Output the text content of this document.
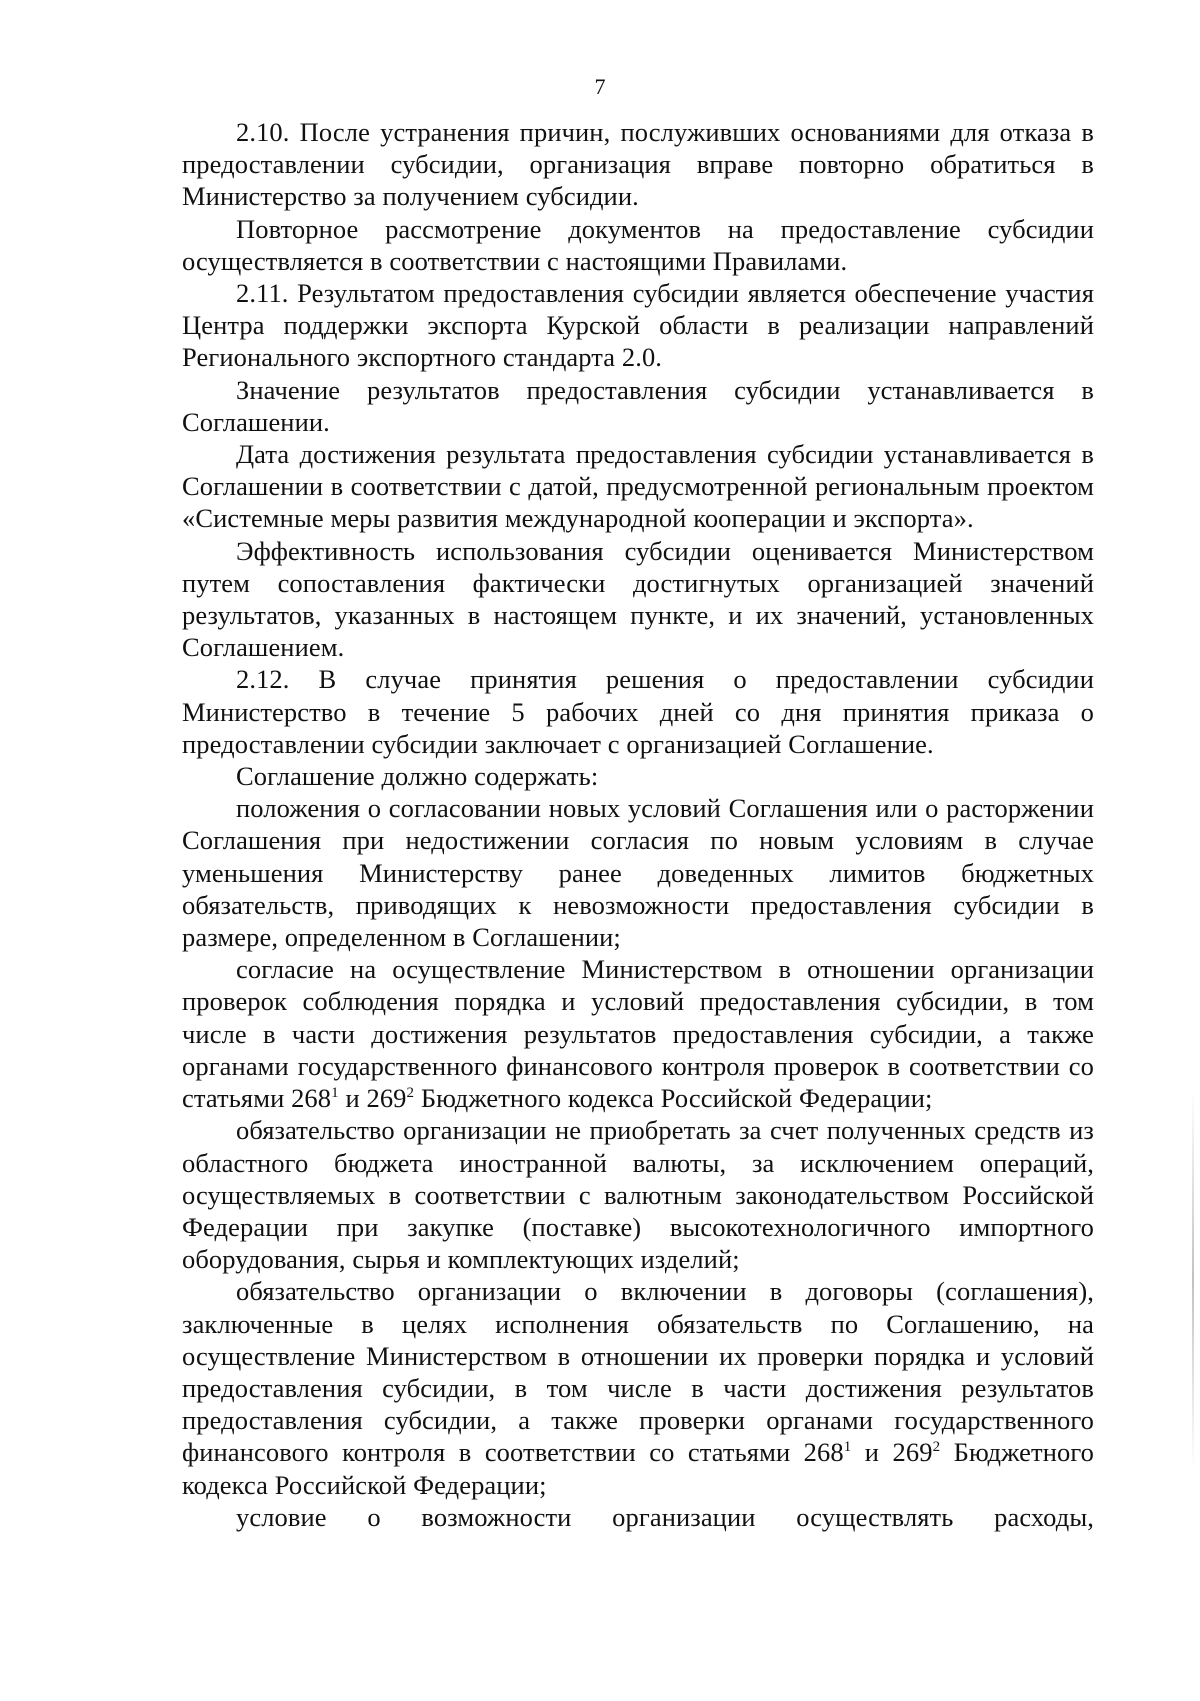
7

2.10. После устранения причин, послуживших основаниями для отказа в предоставлении субсидии, организация вправе повторно обратиться в Министерство за получением субсидии.

Повторное рассмотрение документов на предоставление субсидии осуществляется в соответствии с настоящими Правилами.

2.11. Результатом предоставления субсидии является обеспечение участия Центра поддержки экспорта Курской области в реализации направлений Регионального экспортного стандарта 2.0.

Значение результатов предоставления субсидии устанавливается в Соглашении.

Дата достижения результата предоставления субсидии устанавливается в Соглашении в соответствии с датой, предусмотренной региональным проектом «Системные меры развития международной кооперации и экспорта».

Эффективность использования субсидии оценивается Министерством путем сопоставления фактически достигнутых организацией значений результатов, указанных в настоящем пункте, и их значений, установленных Соглашением.

2.12. В случае принятия решения о предоставлении субсидии Министерство в течение 5 рабочих дней со дня принятия приказа о предоставлении субсидии заключает с организацией Соглашение.

Соглашение должно содержать:

положения о согласовании новых условий Соглашения или о расторжении Соглашения при недостижении согласия по новым условиям в случае уменьшения Министерству ранее доведенных лимитов бюджетных обязательств, приводящих к невозможности предоставления субсидии в размере, определенном в Соглашении;

согласие на осуществление Министерством в отношении организации проверок соблюдения порядка и условий предоставления субсидии, в том числе в части достижения результатов предоставления субсидии, а также органами государственного финансового контроля проверок в соответствии со статьями $268^1$ и $269^2$ Бюджетного кодекса Российской Федерации;

обязательство организации не приобретать за счет полученных средств из областного бюджета иностранной валюты, за исключением операций, осуществляемых в соответствии с валютным законодательством Российской Федерации при закупке (поставке) высокотехнологичного импортного оборудования, сырья и комплектующих изделий;

обязательство организации о включении в договоры (соглашения), заключенные в целях исполнения обязательств по Соглашению, на осуществление Министерством в отношении их проверки порядка и условий предоставления субсидии, в том числе в части достижения результатов предоставления субсидии, а также проверки органами государственного финансового контроля в соответствии со статьями $268^1$ и $269^2$ Бюджетного кодекса Российской Федерации;

условие о возможности организации осуществлять расходы,
